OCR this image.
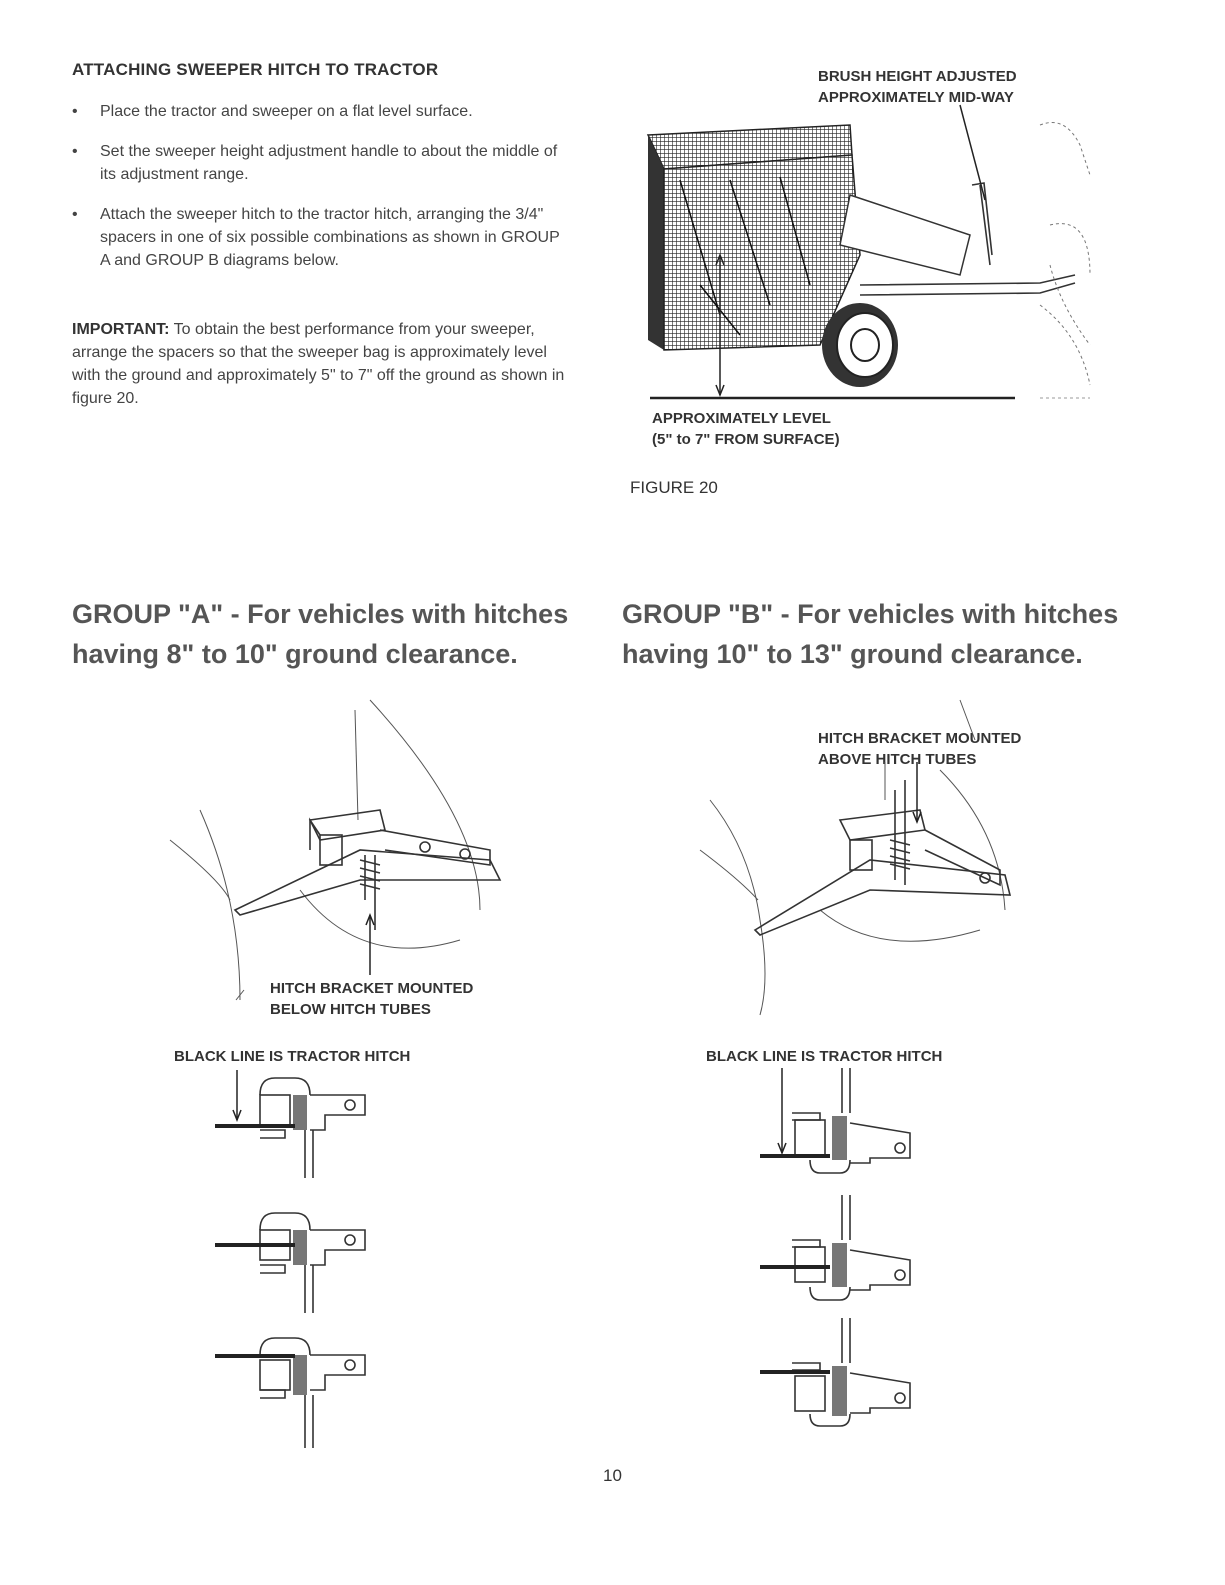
ATTACHING SWEEPER HITCH TO TRACTOR
• Place the tractor and sweeper on a flat level surface.
• Set the sweeper height adjustment handle to about the middle of its adjustment range.
• Attach the sweeper hitch to the tractor hitch, arranging the 3/4" spacers in one of six possible combinations as shown in GROUP A and GROUP B diagrams below.
IMPORTANT: To obtain the best performance from your sweeper, arrange the spacers so that the sweeper bag is approximately level with the ground and approximately 5" to 7" off the ground as shown in figure 20.
BRUSH HEIGHT ADJUSTED
APPROXIMATELY MID-WAY
APPROXIMATELY LEVEL
(5" to 7" FROM SURFACE)
FIGURE 20
GROUP "A" - For vehicles with hitches
having 8" to 10" ground clearance.
GROUP "B" - For vehicles with hitches
having 10" to 13" ground clearance.
HITCH BRACKET MOUNTED
BELOW HITCH TUBES
BLACK LINE IS TRACTOR HITCH
HITCH BRACKET MOUNTED
ABOVE HITCH TUBES
BLACK LINE IS TRACTOR HITCH
10
